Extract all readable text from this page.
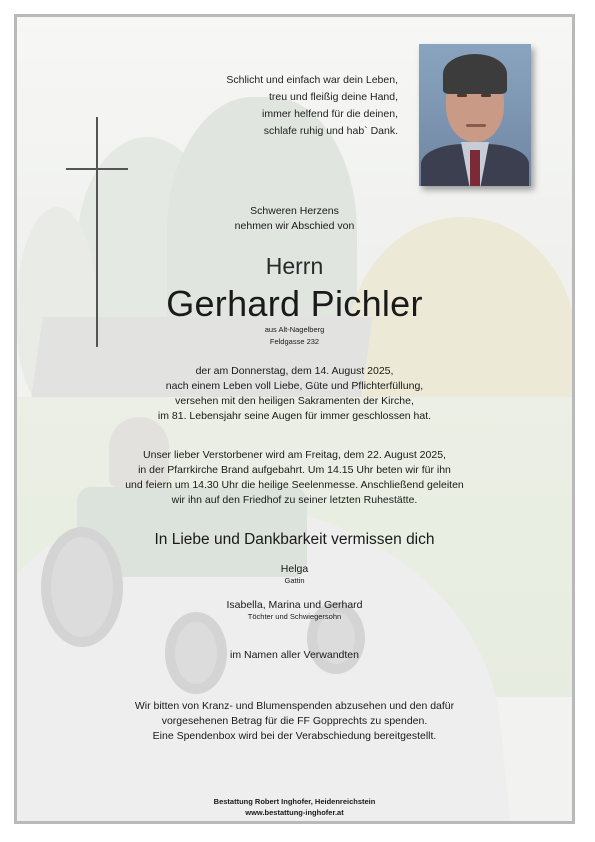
Schlicht und einfach war dein Leben,
treu und fleißig deine Hand,
immer helfend für die deinen,
schlafe ruhig und hab` Dank.
Schweren Herzens
nehmen wir Abschied von
Herrn
Gerhard Pichler
aus Alt-Nagelberg
Feldgasse 232
der am Donnerstag, dem 14. August 2025,
nach einem Leben voll Liebe, Güte und Pflichterfüllung,
versehen mit den heiligen Sakramenten der Kirche,
im 81. Lebensjahr seine Augen für immer geschlossen hat.
Unser lieber Verstorbener wird am Freitag, dem 22. August 2025,
in der Pfarrkirche Brand aufgebahrt. Um 14.15 Uhr beten wir für ihn
und feiern um 14.30 Uhr die heilige Seelenmesse. Anschließend geleiten
wir ihn auf den Friedhof zu seiner letzten Ruhestätte.
In Liebe und Dankbarkeit vermissen dich
Helga
Gattin
Isabella, Marina und Gerhard
Töchter und Schwiegersohn
im Namen aller Verwandten
Wir bitten von Kranz- und Blumenspenden abzusehen und den dafür
vorgesehenen Betrag für die FF Gopprechts zu spenden.
Eine Spendenbox wird bei der Verabschiedung bereitgestellt.
Bestattung Robert Inghofer, Heidenreichstein
www.bestattung-inghofer.at
